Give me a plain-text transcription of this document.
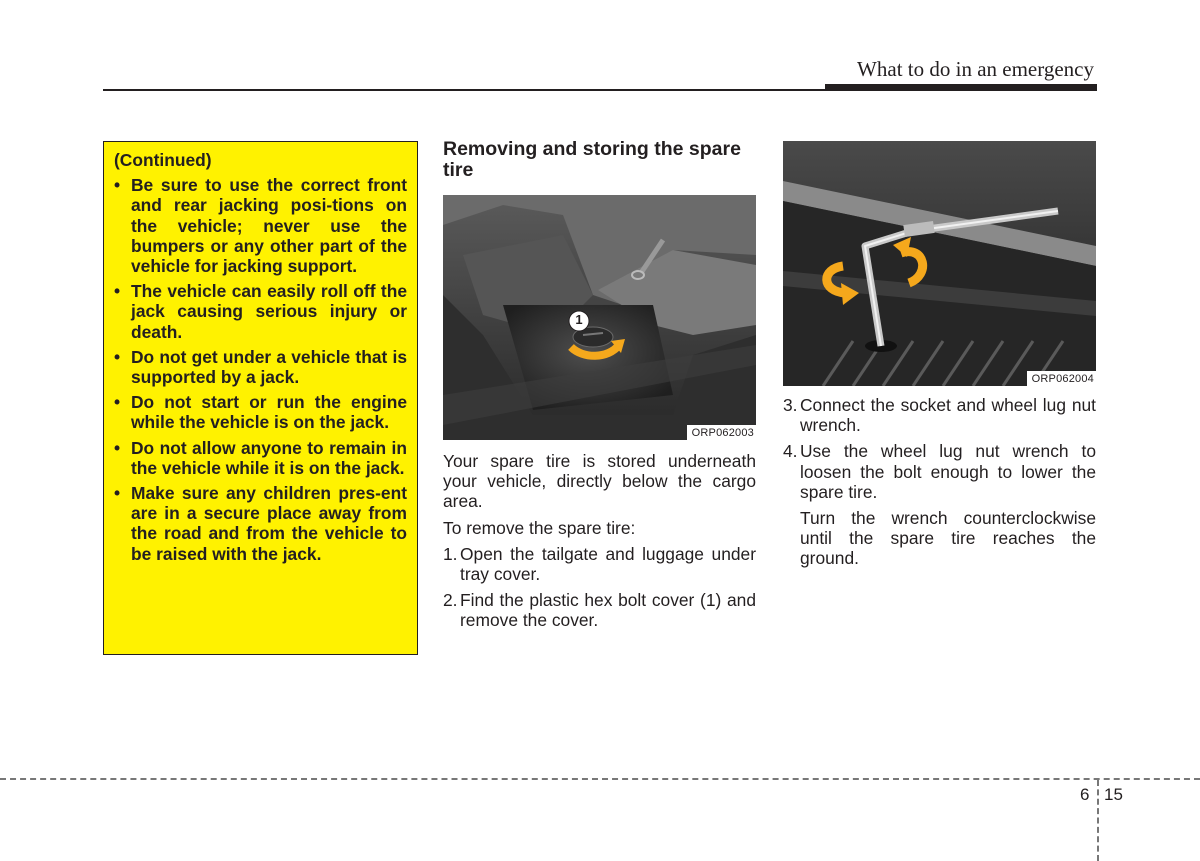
What to do in an emergency

(Continued)

• Be sure to use the correct front and rear jacking posi-tions on the vehicle; never use the bumpers or any other part of the vehicle for jacking support.
• The vehicle can easily roll off the jack causing serious injury or death.
• Do not get under a vehicle that is supported by a jack.
• Do not start or run the engine while the vehicle is on the jack.
• Do not allow anyone to remain in the vehicle while it is on the jack.
• Make sure any children pres-ent are in a secure place away from the road and from the vehicle to be raised with the jack.
Removing and storing the spare tire
1
ORP062003

Your spare tire is stored underneath your vehicle, directly below the cargo area.

To remove the spare tire:

1. Open the tailgate and luggage under tray cover.
2. Find the plastic hex bolt cover (1) and remove the cover.
ORP062004
3. Connect the socket and wheel lug nut wrench.
4. Use the wheel lug nut wrench to loosen the bolt enough to lower the spare tire.

Turn the wrench counterclockwise until the spare tire reaches the ground.

6 15
